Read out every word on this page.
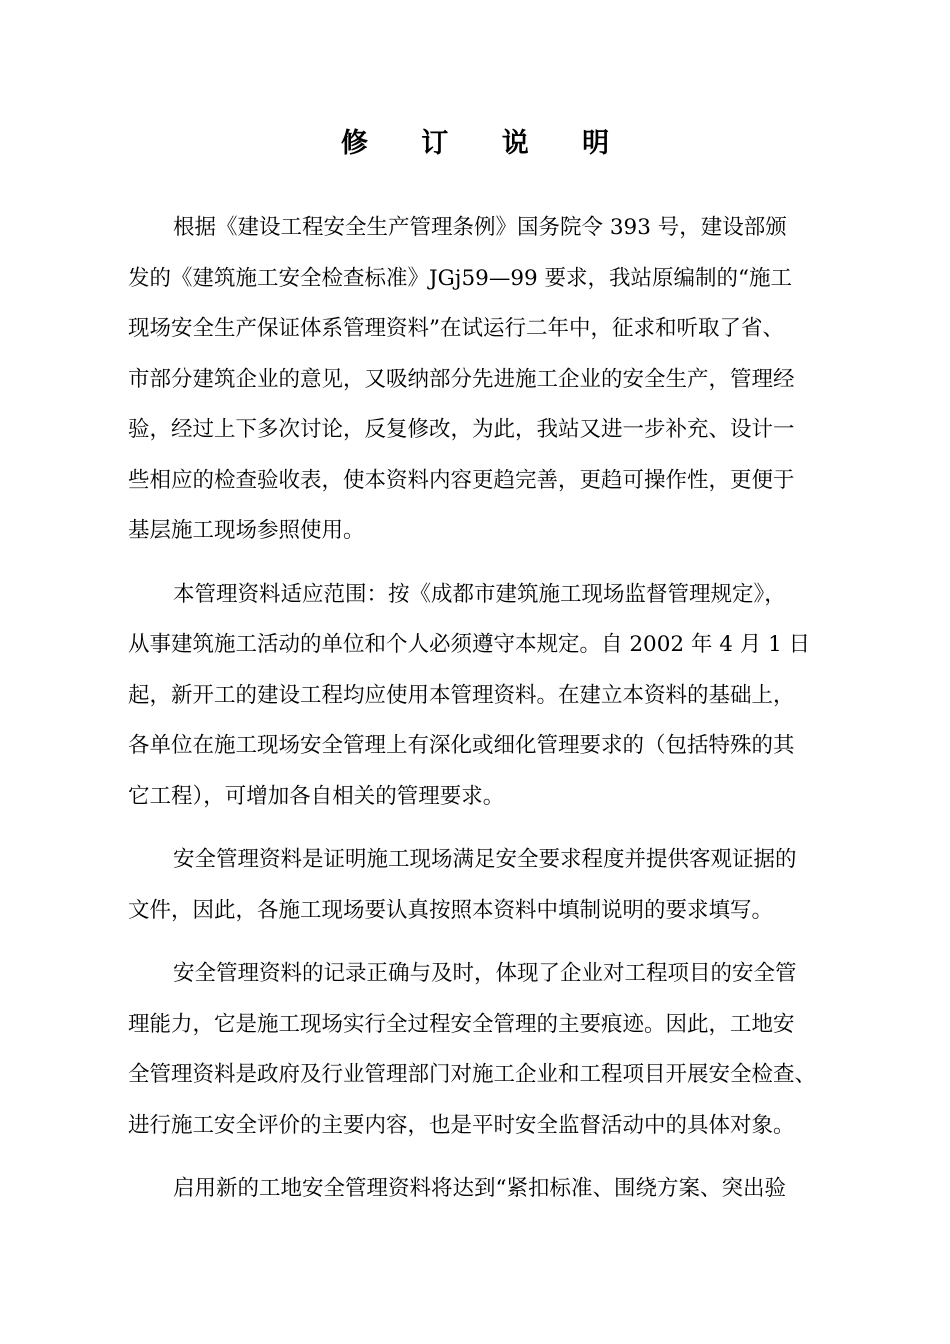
修 订 说 明
根据《建设工程安全生产管理条例》国务院令 393 号，建设部颁
发的《建筑施工安全检查标准》JGj59—99 要求，我站原编制的“施工
现场安全生产保证体系管理资料”在试运行二年中，征求和听取了省、
市部分建筑企业的意见，又吸纳部分先进施工企业的安全生产，管理经
验，经过上下多次讨论，反复修改，为此，我站又进一步补充、设计一
些相应的检查验收表，使本资料内容更趋完善，更趋可操作性，更便于
基层施工现场参照使用。
本管理资料适应范围：按《成都市建筑施工现场监督管理规定》，
从事建筑施工活动的单位和个人必须遵守本规定。自 2002 年 4 月 1 日
起，新开工的建设工程均应使用本管理资料。在建立本资料的基础上，
各单位在施工现场安全管理上有深化或细化管理要求的（包括特殊的其
它工程），可增加各自相关的管理要求。
安全管理资料是证明施工现场满足安全要求程度并提供客观证据的
文件，因此，各施工现场要认真按照本资料中填制说明的要求填写。
安全管理资料的记录正确与及时，体现了企业对工程项目的安全管
理能力，它是施工现场实行全过程安全管理的主要痕迹。因此，工地安
全管理资料是政府及行业管理部门对施工企业和工程项目开展安全检查、
进行施工安全评价的主要内容，也是平时安全监督活动中的具体对象。
启用新的工地安全管理资料将达到“紧扣标准、围绕方案、突出验
